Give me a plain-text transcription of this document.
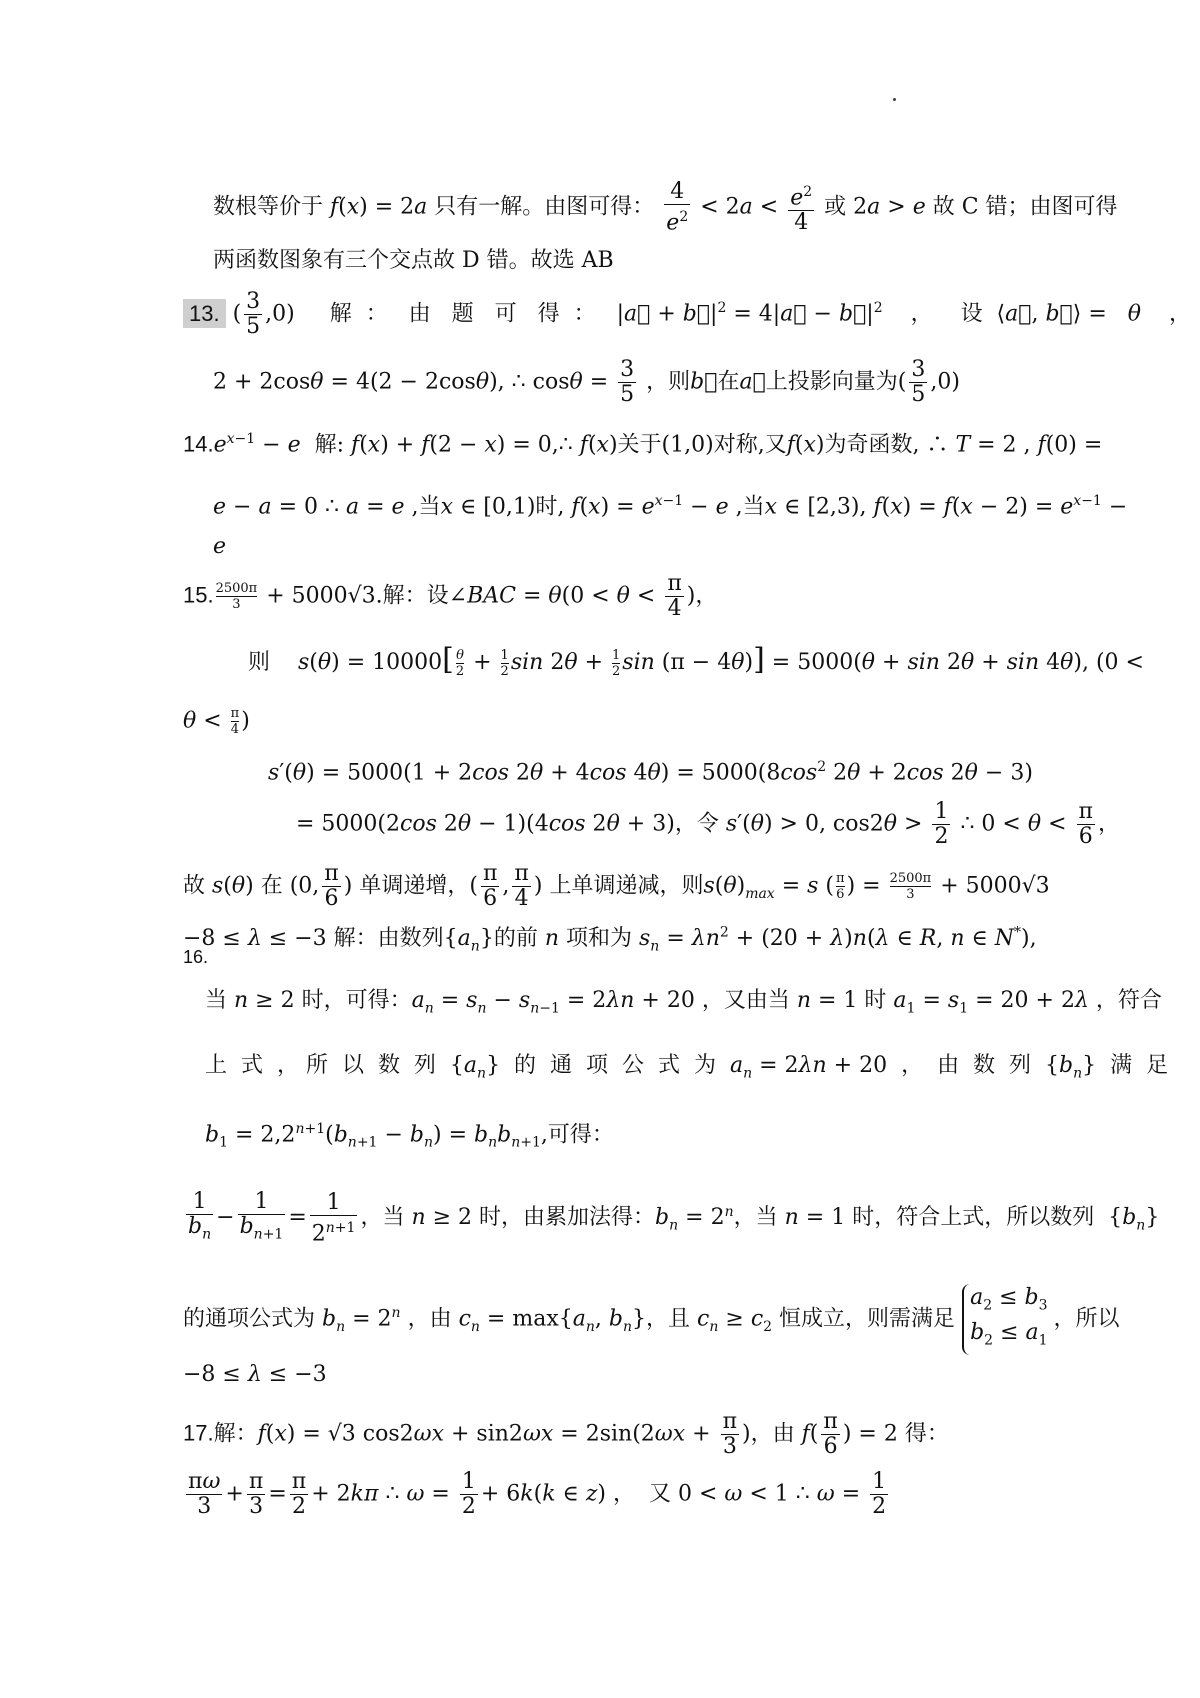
数根等价于 f(x) = 2a 只有一解。由图可得： $\frac{4}{e^2} < 2a < \frac{e^2}{4}$ 或 2a > e 故 C 错；由图可得
两函数图象有三个交点故 D 错。故选 AB
13. ( $\frac{3}{5} ,0$)     解  ：   由   题   可   得  ：   |a⃗ + $b⃗|^2$ = 4|a⃗ − $b⃗|^2$    ，    设  ⟨a⃗, b⃗⟩ =   θ    ，
2 + 2cosθ = 4(2 − 2cosθ), ∴ $\cos\theta = \frac{3}{5}$ ，则b⃗在a⃗上投影向量为( $\frac{3}{5} ,0$)
$14.e^{x-1} - e$  解: f(x) + f(2 − x) = 0,∴ f(x)关于(1,0)对称,又f(x)为奇函数, ∴ T = 2 , f(0) =
e − a = 0 ∴ a = e ,当x ∈ [0,1)时, $f(x) = e^{x-1} - e$ ,当x ∈ [2,3), $f(x) = f(x - 2) = e^{x-1}$ −
e
15. $\frac{2500\pi}{3} + 5000√3$.解：设∠BAC = $\theta(0 < \theta < \frac{\pi}{4}$ )，
则    $s(\theta) = 10000[ \frac{\theta}{2} + \frac{1}{2}$ $\sin 2\theta + \frac{1}{2}$ sin (π − 4θ)] = 5000(θ + sin 2θ + sin 4θ), (0 <
$\theta < \frac{\pi}{4}$ )
s′(θ) = 5000(1 + 2cos 2θ + 4cos $4\theta) = 5000(8\cos^2$ 2θ + 2cos 2θ − 3)
= 5000(2cos 2θ − 1)(4cos 2θ + 3)，令 s′(θ) > 0, $\cos 2\theta > \frac{1}{2}$ ∴ $0 < \theta < \frac{\pi}{6}$ ，
故 s(θ) 在 (0, $\frac{\pi}{6}$ ) 单调递增，( $\frac{\pi}{6}$ , $\frac{\pi}{4}$ ) 上单调递减，则$s(\theta)_{max} = s$ ( $\frac{\pi}{6}$ ) = $\frac{2500\pi}{3} + 5000√3$
−8 ≤ λ ≤ −3
16.
解：由数列$\{a_n\}$的前 n 项和为 $s_n = \lambda n^2 + (20 + \lambda)n(\lambda$ ∈ R, n ∈ N*),
当 n ≥ 2 时，可得：$a_n = s_n - s_{n-1} = 2\lambda n + 20$ ，又由当 n = 1 时 $a_1 = s_1 = 20 + 2\lambda$ ，符合
上  式  ， 所  以  数  列  $\{a_n\}$  的  通  项  公  式  为  $a_n = 2\lambda n + 20$  ，  由  数  列  $\{b_n\}$  满  足
$b_1 = 2,2^{n+1}(b_{n+1} - b_n) = b_nb_{n+1}$,可得：
$\frac{1}{b_n} - \frac{1}{b_{n+1}} = \frac{1}{2^{n+1}}$ ，当 n ≥ 2 时，由累加法得：$b_n = 2^n$，当 n = 1 时，符合上式，所以数列  $\{b_n\}$
的通项公式为 $b_n = 2^n$ ，由 $c_n = \max\{a_n$, $b_n$}，且 $c_n \ge c_2$ 恒成立，则需满足
$a_2 \le b_3$
$b_2 \le a_1$
，所以
−8 ≤ λ ≤ −3
17.解：f(x) = √3 $\cos 2\omega x + \sin 2\omega x = 2\sin(2\omega x + \frac{\pi}{3}$ )，由 $f( \frac{\pi}{6}$ ) = 2 得：
$\frac{\pi\omega}{3} + \frac{\pi}{3} = \frac{\pi}{2} + 2k\pi$ ∴ $\omega = \frac{1}{2} + 6k(k$ ∈ z) ，  又 0 < ω < 1 ∴ $\omega = \frac{1}{2}$
